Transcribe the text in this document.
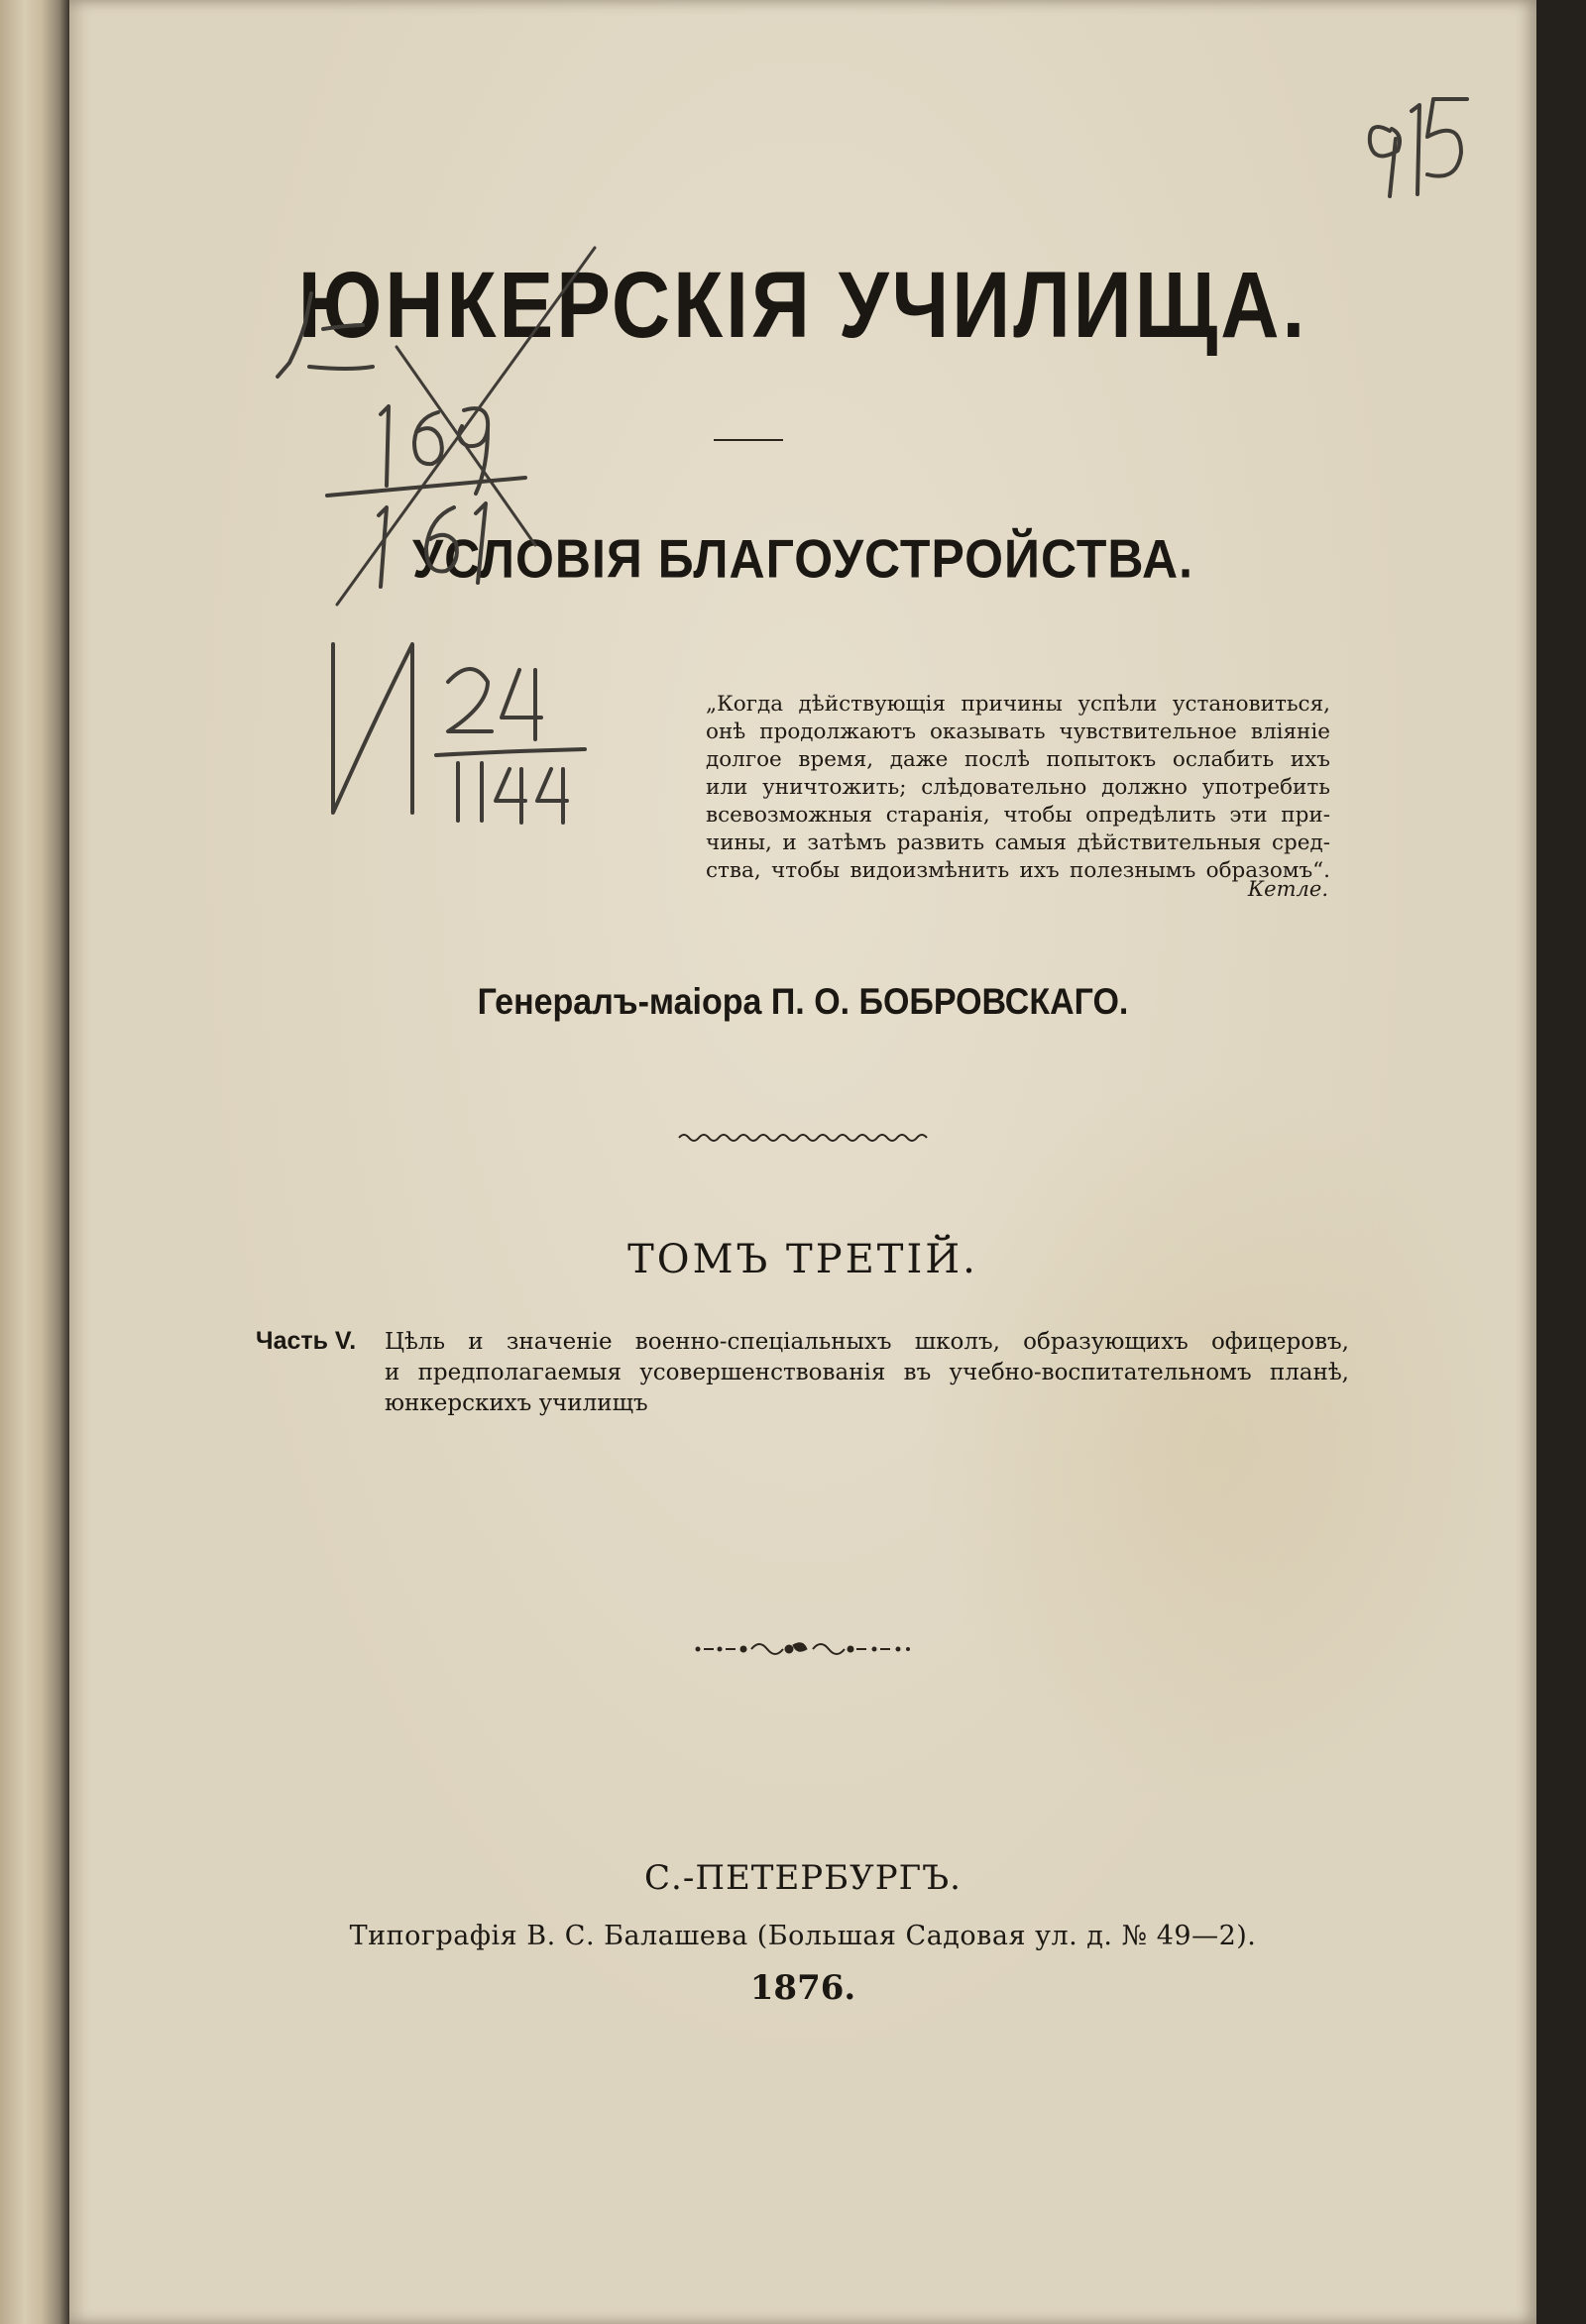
ЮНКЕРСКІЯ УЧИЛИЩА.
УСЛОВІЯ БЛАГОУСТРОЙСТВА.
„Когда дѣйствующія причины успѣли установиться,
онѣ продолжаютъ оказывать чувствительное вліяніе
долгое время, даже послѣ попытокъ ослабить ихъ
или уничтожить; слѣдовательно должно употребить
всевозможныя старанія, чтобы опредѣлить эти при-
чины, и затѣмъ развить самыя дѣйствительныя сред-
ства, чтобы видоизмѣнить ихъ полезнымъ образомъ“.
Кетле.
Генералъ-маіора П. О. БОБРОВСКАГО.
ТОМЪ ТРЕТІЙ.
Часть V. Цѣль и значеніе военно-спеціальныхъ школъ, образующихъ офицеровъ,
и предполагаемыя усовершенствованія въ учебно-воспитательномъ планѣ,
юнкерскихъ училищъ
С.-ПЕТЕРБУРГЪ.
Типографія В. С. Балашева (Большая Садовая ул. д. № 49—2).
1876.
